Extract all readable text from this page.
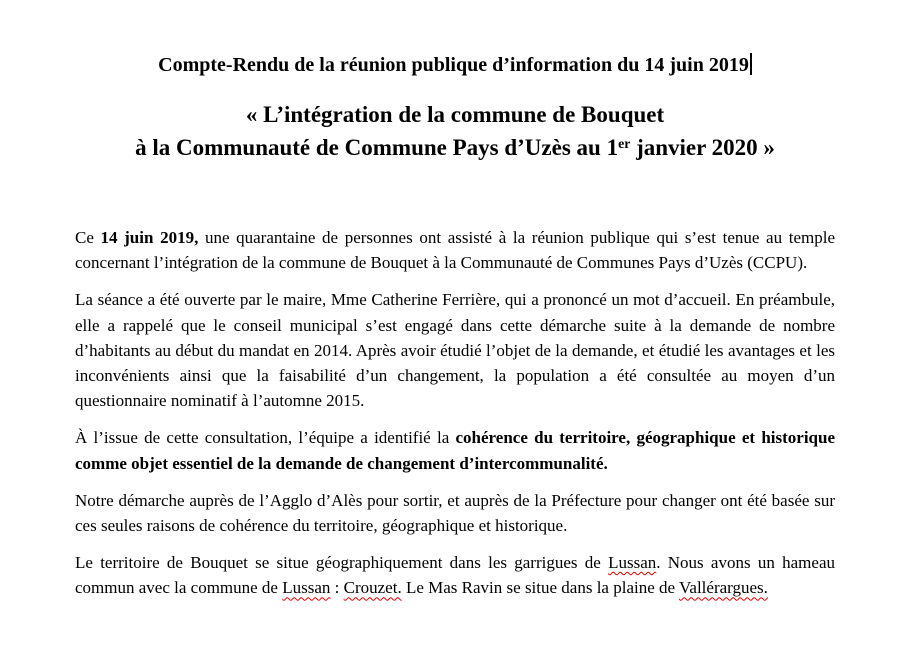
Compte-Rendu de la réunion publique d’information du 14 juin 2019
« L’intégration de la commune de Bouquet
à la Communauté de Commune Pays d’Uzès au 1er janvier 2020 »

Ce 14 juin 2019, une quarantaine de personnes ont assisté à la réunion publique qui s’est tenue au temple concernant l’intégration de la commune de Bouquet à la Communauté de Communes Pays d’Uzès (CCPU).

La séance a été ouverte par le maire, Mme Catherine Ferrière, qui a prononcé un mot d’accueil. En préambule, elle a rappelé que le conseil municipal s’est engagé dans cette démarche suite à la demande de nombre d’habitants au début du mandat en 2014. Après avoir étudié l’objet de la demande, et étudié les avantages et les inconvénients ainsi que la faisabilité d’un changement, la population a été consultée au moyen d’un questionnaire nominatif à l’automne 2015.

À l’issue de cette consultation, l’équipe a identifié la cohérence du territoire, géographique et historique comme objet essentiel de la demande de changement d’intercommunalité.

Notre démarche auprès de l’Agglo d’Alès pour sortir, et auprès de la Préfecture pour changer ont été basée sur ces seules raisons de cohérence du territoire, géographique et historique.

Le territoire de Bouquet se situe géographiquement dans les garrigues de Lussan. Nous avons un hameau commun avec la commune de Lussan : Crouzet. Le Mas Ravin se situe dans la plaine de Vallérargues.
